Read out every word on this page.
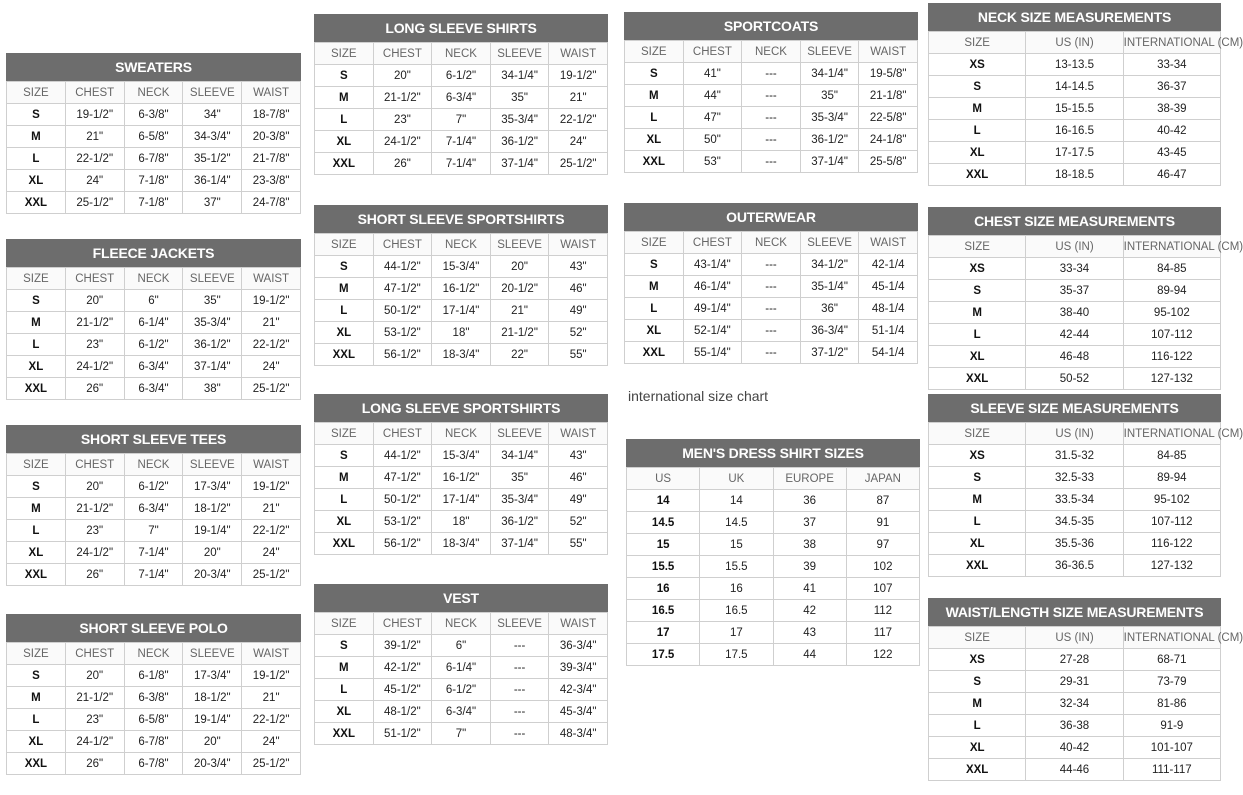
SWEATERS
SIZE	CHEST	NECK	SLEEVE	WAIST
S	19-1/2"	6-3/8"	34"	18-7/8"
M	21"	6-5/8"	34-3/4"	20-3/8"
L	22-1/2"	6-7/8"	35-1/2"	21-7/8"
XL	24"	7-1/8"	36-1/4"	23-3/8"
XXL	25-1/2"	7-1/8"	37"	24-7/8"
FLEECE JACKETS
SIZE	CHEST	NECK	SLEEVE	WAIST
S	20"	6"	35"	19-1/2"
M	21-1/2"	6-1/4"	35-3/4"	21"
L	23"	6-1/2"	36-1/2"	22-1/2"
XL	24-1/2"	6-3/4"	37-1/4"	24"
XXL	26"	6-3/4"	38"	25-1/2"
SHORT SLEEVE TEES
SIZE	CHEST	NECK	SLEEVE	WAIST
S	20"	6-1/2"	17-3/4"	19-1/2"
M	21-1/2"	6-3/4"	18-1/2"	21"
L	23"	7"	19-1/4"	22-1/2"
XL	24-1/2"	7-1/4"	20"	24"
XXL	26"	7-1/4"	20-3/4"	25-1/2"
SHORT SLEEVE POLO
SIZE	CHEST	NECK	SLEEVE	WAIST
S	20"	6-1/8"	17-3/4"	19-1/2"
M	21-1/2"	6-3/8"	18-1/2"	21"
L	23"	6-5/8"	19-1/4"	22-1/2"
XL	24-1/2"	6-7/8"	20"	24"
XXL	26"	6-7/8"	20-3/4"	25-1/2"
LONG SLEEVE SHIRTS
SIZE	CHEST	NECK	SLEEVE	WAIST
S	20"	6-1/2"	34-1/4"	19-1/2"
M	21-1/2"	6-3/4"	35"	21"
L	23"	7"	35-3/4"	22-1/2"
XL	24-1/2"	7-1/4"	36-1/2"	24"
XXL	26"	7-1/4"	37-1/4"	25-1/2"
SHORT SLEEVE SPORTSHIRTS
SIZE	CHEST	NECK	SLEEVE	WAIST
S	44-1/2"	15-3/4"	20"	43"
M	47-1/2"	16-1/2"	20-1/2"	46"
L	50-1/2"	17-1/4"	21"	49"
XL	53-1/2"	18"	21-1/2"	52"
XXL	56-1/2"	18-3/4"	22"	55"
LONG SLEEVE SPORTSHIRTS
SIZE	CHEST	NECK	SLEEVE	WAIST
S	44-1/2"	15-3/4"	34-1/4"	43"
M	47-1/2"	16-1/2"	35"	46"
L	50-1/2"	17-1/4"	35-3/4"	49"
XL	53-1/2"	18"	36-1/2"	52"
XXL	56-1/2"	18-3/4"	37-1/4"	55"
VEST
SIZE	CHEST	NECK	SLEEVE	WAIST
S	39-1/2"	6"	---	36-3/4"
M	42-1/2"	6-1/4"	---	39-3/4"
L	45-1/2"	6-1/2"	---	42-3/4"
XL	48-1/2"	6-3/4"	---	45-3/4"
XXL	51-1/2"	7"	---	48-3/4"
SPORTCOATS
SIZE	CHEST	NECK	SLEEVE	WAIST
S	41"	---	34-1/4"	19-5/8"
M	44"	---	35"	21-1/8"
L	47"	---	35-3/4"	22-5/8"
XL	50"	---	36-1/2"	24-1/8"
XXL	53"	---	37-1/4"	25-5/8"
OUTERWEAR
SIZE	CHEST	NECK	SLEEVE	WAIST
S	43-1/4"	---	34-1/2"	42-1/4
M	46-1/4"	---	35-1/4"	45-1/4
L	49-1/4"	---	36"	48-1/4
XL	52-1/4"	---	36-3/4"	51-1/4
XXL	55-1/4"	---	37-1/2"	54-1/4
international size chart
MEN'S DRESS SHIRT SIZES
US	UK	EUROPE	JAPAN
14	14	36	87
14.5	14.5	37	91
15	15	38	97
15.5	15.5	39	102
16	16	41	107
16.5	16.5	42	112
17	17	43	117
17.5	17.5	44	122
NECK SIZE MEASUREMENTS
SIZE	US (IN)	INTERNATIONAL (CM)
XS	13-13.5	33-34
S	14-14.5	36-37
M	15-15.5	38-39
L	16-16.5	40-42
XL	17-17.5	43-45
XXL	18-18.5	46-47
CHEST SIZE MEASUREMENTS
SIZE	US (IN)	INTERNATIONAL (CM)
XS	33-34	84-85
S	35-37	89-94
M	38-40	95-102
L	42-44	107-112
XL	46-48	116-122
XXL	50-52	127-132
SLEEVE SIZE MEASUREMENTS
SIZE	US (IN)	INTERNATIONAL (CM)
XS	31.5-32	84-85
S	32.5-33	89-94
M	33.5-34	95-102
L	34.5-35	107-112
XL	35.5-36	116-122
XXL	36-36.5	127-132
WAIST/LENGTH SIZE MEASUREMENTS
SIZE	US (IN)	INTERNATIONAL (CM)
XS	27-28	68-71
S	29-31	73-79
M	32-34	81-86
L	36-38	91-9
XL	40-42	101-107
XXL	44-46	111-117
